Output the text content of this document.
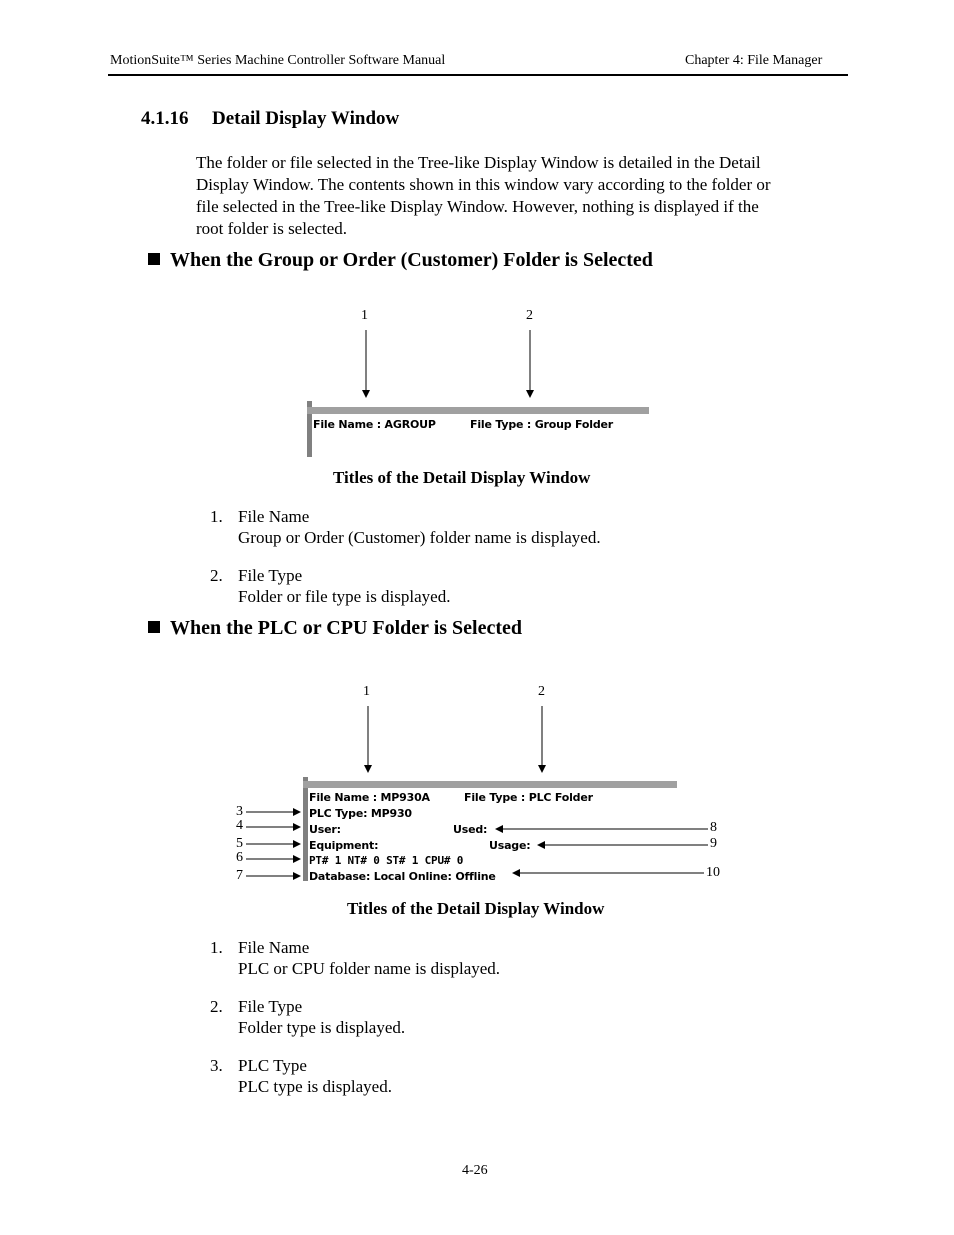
MotionSuite™ Series Machine Controller Software Manual	Chapter 4: File Manager
4.1.16 Detail Display Window
The folder or file selected in the Tree-like Display Window is detailed in the Detail
Display Window. The contents shown in this window vary according to the folder or
file selected in the Tree-like Display Window. However, nothing is displayed if the
root folder is selected.
When the Group or Order (Customer) Folder is Selected
1	2
File Name : AGROUP	File Type : Group Folder
Titles of the Detail Display Window
1. File Name
Group or Order (Customer) folder name is displayed.
2. File Type
Folder or file type is displayed.
When the PLC or CPU Folder is Selected
1	2
3
4
5
6
7
8
9
10
File Name : MP930A	File Type : PLC Folder
PLC Type: MP930
User:	Used:
Equipment:	Usage:
PT# 1 NT# 0 ST# 1 CPU# 0
Database: Local Online: Offline
Titles of the Detail Display Window
1. File Name
PLC or CPU folder name is displayed.
2. File Type
Folder type is displayed.
3. PLC Type
PLC type is displayed.
4-26
